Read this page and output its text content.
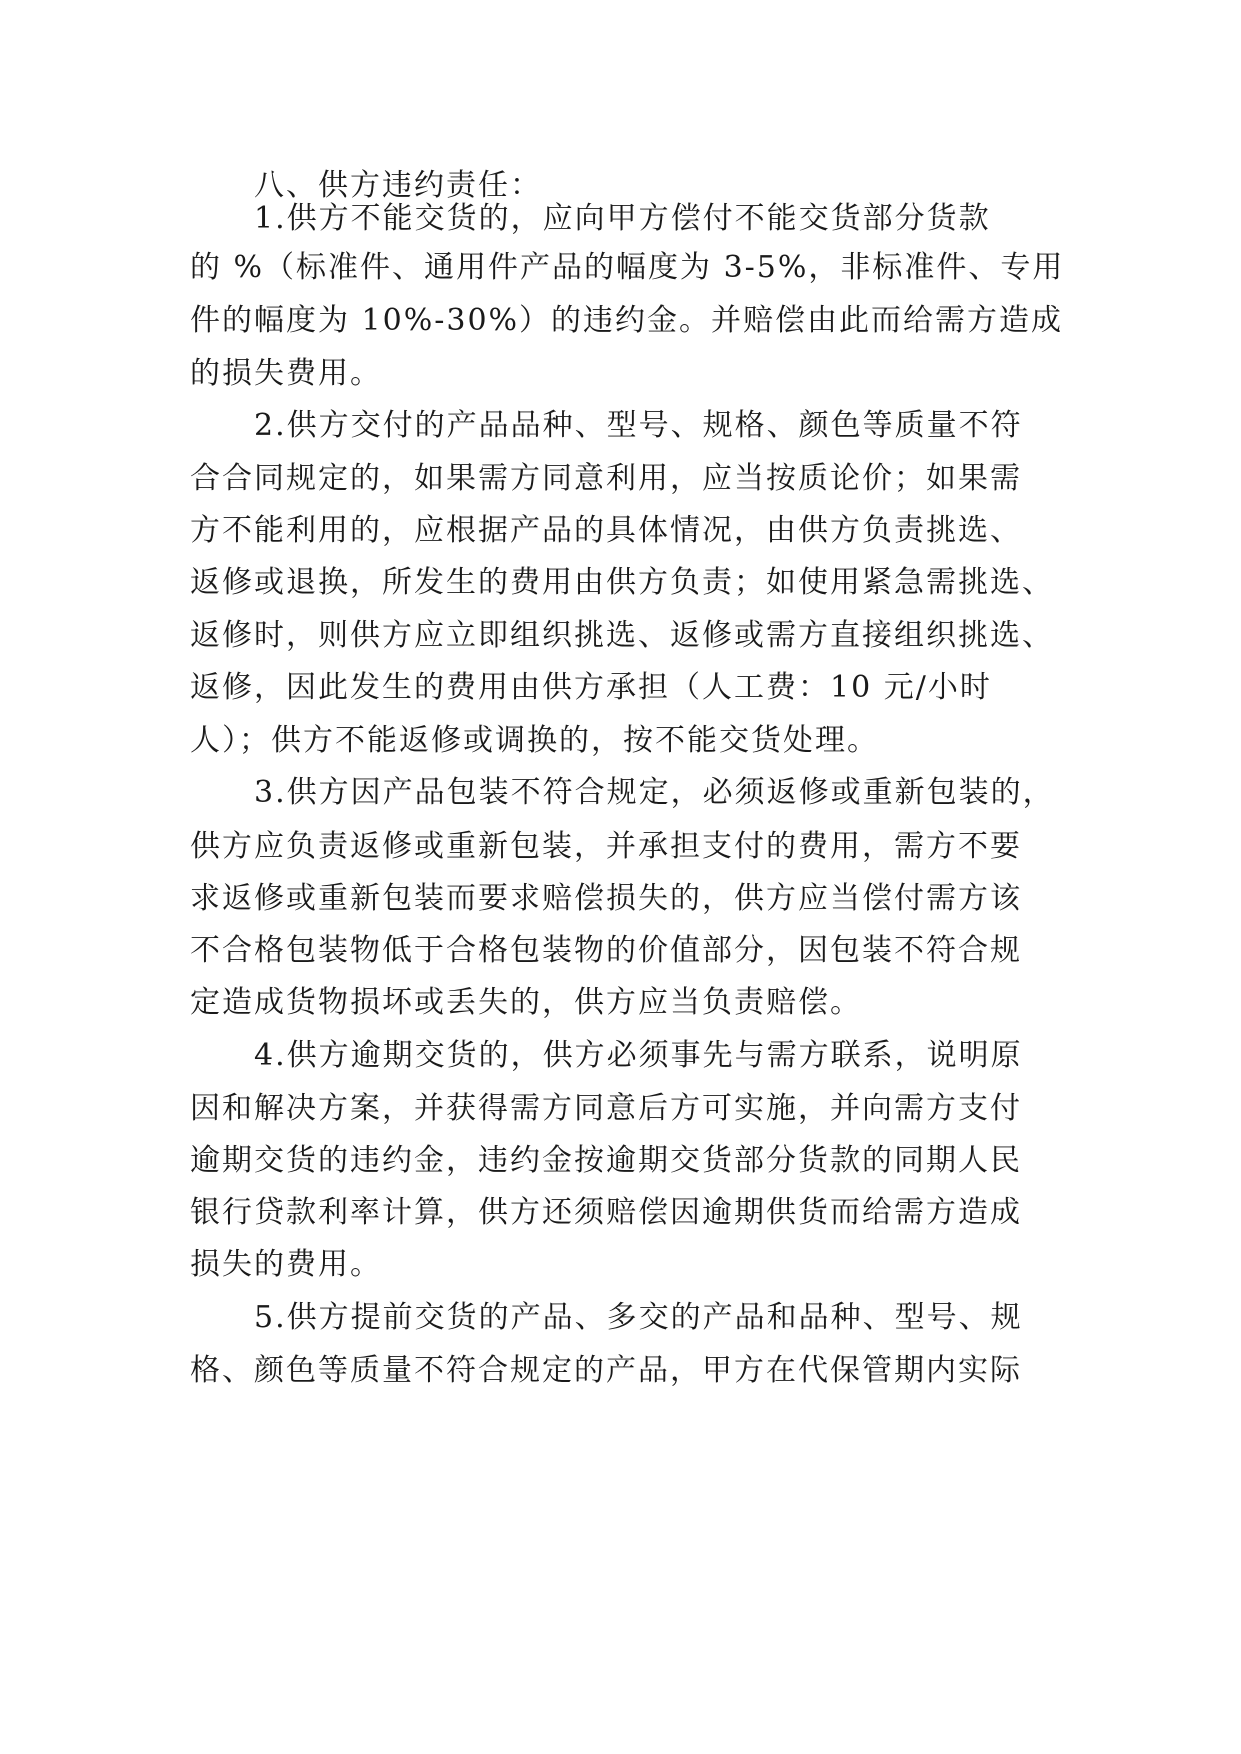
八、供方违约责任：
1.供方不能交货的，应向甲方偿付不能交货部分货款
的 %（标准件、通用件产品的幅度为 3-5%，非标准件、专用
件的幅度为 10%-30%）的违约金。并赔偿由此而给需方造成
的损失费用。
2.供方交付的产品品种、型号、规格、颜色等质量不符
合合同规定的，如果需方同意利用，应当按质论价；如果需
方不能利用的，应根据产品的具体情况，由供方负责挑选、
返修或退换，所发生的费用由供方负责；如使用紧急需挑选、
返修时，则供方应立即组织挑选、返修或需方直接组织挑选、
返修，因此发生的费用由供方承担（人工费：10 元/小时
人）；供方不能返修或调换的，按不能交货处理。
3.供方因产品包装不符合规定，必须返修或重新包装的，
供方应负责返修或重新包装，并承担支付的费用，需方不要
求返修或重新包装而要求赔偿损失的，供方应当偿付需方该
不合格包装物低于合格包装物的价值部分，因包装不符合规
定造成货物损坏或丢失的，供方应当负责赔偿。
4.供方逾期交货的，供方必须事先与需方联系，说明原
因和解决方案，并获得需方同意后方可实施，并向需方支付
逾期交货的违约金，违约金按逾期交货部分货款的同期人民
银行贷款利率计算，供方还须赔偿因逾期供货而给需方造成
损失的费用。
5.供方提前交货的产品、多交的产品和品种、型号、规
格、颜色等质量不符合规定的产品，甲方在代保管期内实际
